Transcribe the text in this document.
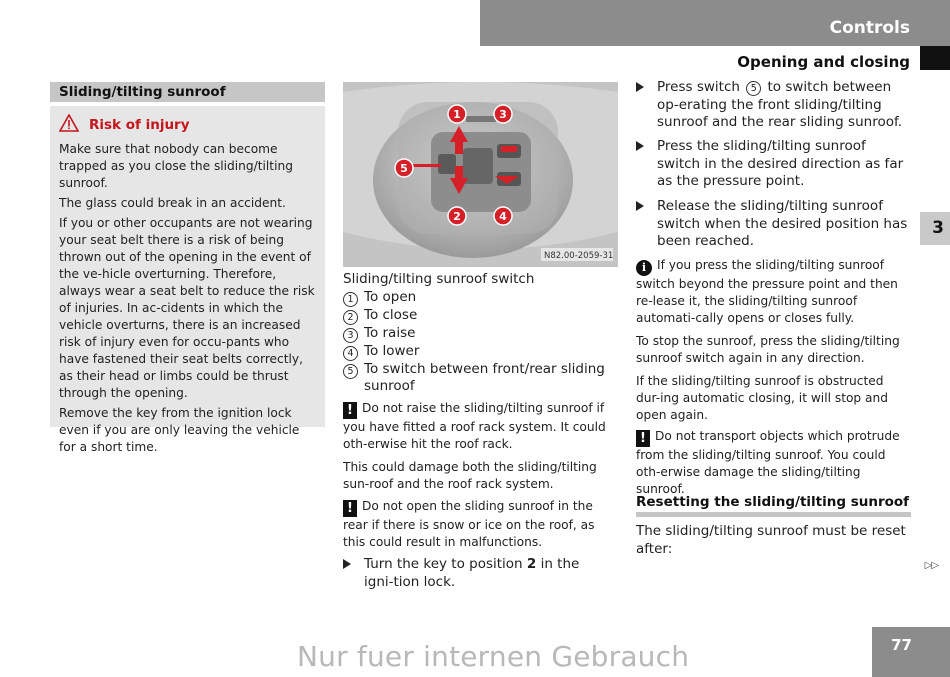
Controls
Opening and closing
3
Sliding/tilting sunroof
Risk of injury

Make sure that nobody can become trapped as you close the sliding/tilting sunroof.

The glass could break in an accident.

If you or other occupants are not wearing your seat belt there is a risk of being thrown out of the opening in the event of the ve-hicle overturning. Therefore, always wear a seat belt to reduce the risk of injuries. In ac-cidents in which the vehicle overturns, there is an increased risk of injury even for occu-pants who have fastened their seat belts correctly, as their head or limbs could be thrust through the opening.

Remove the key from the ignition lock even if you are only leaving the vehicle for a short time.

1	3
5
2	4
N82.00-2059-31
Sliding/tilting sunroof switch
1 To open
2 To close
3 To raise
4 To lower
5 To switch between front/rear sliding sunroof

! Do not raise the sliding/tilting sunroof if you have fitted a roof rack system. It could oth-erwise hit the roof rack.

This could damage both the sliding/tilting sun-roof and the roof rack system.

! Do not open the sliding sunroof in the rear if there is snow or ice on the roof, as this could result in malfunctions.

Turn the key to position 2 in the igni-tion lock.
Press switch 5 to switch between op-erating the front sliding/tilting sunroof and the rear sliding sunroof.
Press the sliding/tilting sunroof switch in the desired direction as far as the pressure point.
Release the sliding/tilting sunroof switch when the desired position has been reached.

i If you press the sliding/tilting sunroof switch beyond the pressure point and then re-lease it, the sliding/tilting sunroof automati-cally opens or closes fully.

To stop the sunroof, press the sliding/tilting sunroof switch again in any direction.

If the sliding/tilting sunroof is obstructed dur-ing automatic closing, it will stop and open again.

! Do not transport objects which protrude from the sliding/tilting sunroof. You could oth-erwise damage the sliding/tilting sunroof.

Resetting the sliding/tilting sunroof
The sliding/tilting sunroof must be reset after:
▷▷
77
Nur fuer internen Gebrauch
